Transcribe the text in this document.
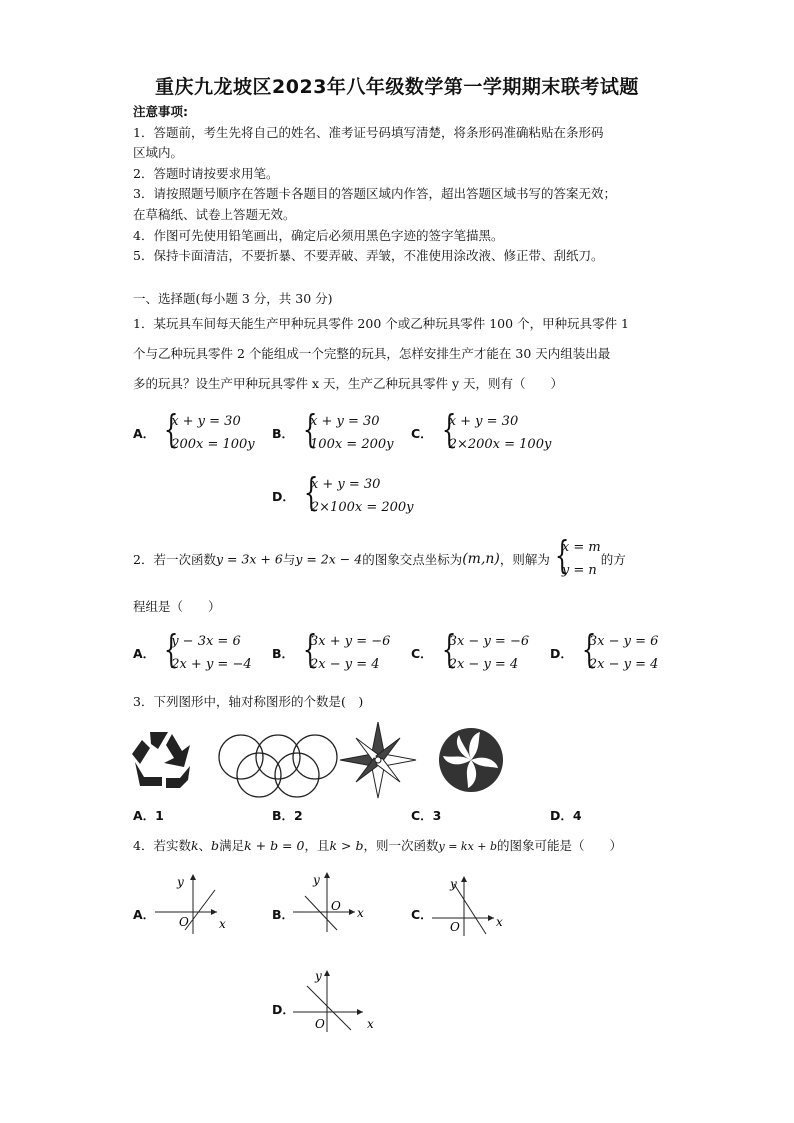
重庆九龙坡区2023年八年级数学第一学期期末联考试题
注意事项:
1．答题前，考生先将自己的姓名、准考证号码填写清楚，将条形码准确粘贴在条形码
区域内。
2．答题时请按要求用笔。
3．请按照题号顺序在答题卡各题目的答题区域内作答，超出答题区域书写的答案无效；
在草稿纸、试卷上答题无效。
4．作图可先使用铅笔画出，确定后必须用黑色字迹的签字笔描黑。
5．保持卡面清洁，不要折暴、不要弄破、弄皱，不准使用涂改液、修正带、刮纸刀。
一、选择题(每小题 3 分，共 30 分)
1．某玩具车间每天能生产甲种玩具零件 200 个或乙种玩具零件 100 个，甲种玩具零件 1
个与乙种玩具零件 2 个能组成一个完整的玩具，怎样安排生产才能在 30 天内组装出最
多的玩具？设生产甲种玩具零件 x 天，生产乙种玩具零件 y 天，则有（　　）
A． {
x + y = 30
200x = 100y
B． {
x + y = 30
100x = 200y
C． {
x + y = 30
2×200x = 100y
D． {
x + y = 30
2×100x = 200y
2．若一次函数y = 3x + 6与y = 2x − 4的图象交点坐标为(m,n)，则解为 {
x = m
y = n
的方
程组是（　　）
A． {
y − 3x = 6
2x + y = −4
B． {
3x + y = −6
2x − y = 4
C． {
3x − y = −6
2x − y = 4
D． {
3x − y = 6
2x − y = 4
3．下列图形中，轴对称图形的个数是(　)
A．1	B．2	C．3	D．4
4．若实数k、b满足k + b = 0，且k > b，则一次函数y = kx + b的图象可能是（　　）
A． O	x
y
B．
O x
y
C．
O	x
y
D．
O	x
y
